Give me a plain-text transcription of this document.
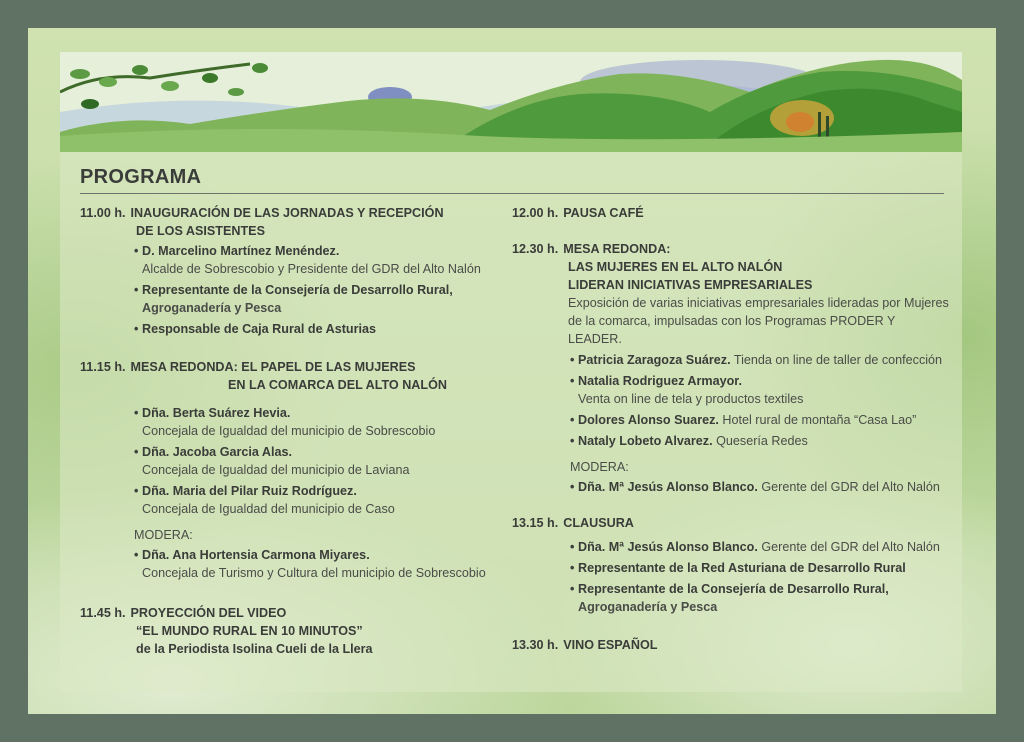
PROGRAMA
11.00 h. INAUGURACIÓN DE LAS JORNADAS Y RECEPCIÓN
DE LOS ASISTENTES
• D. Marcelino Martínez Menéndez.
Alcalde de Sobrescobio y Presidente del GDR del Alto Nalón
• Representante de la Consejería de Desarrollo Rural,
Agroganadería y Pesca
• Responsable de Caja Rural de Asturias
11.15 h. MESA REDONDA: EL PAPEL DE LAS MUJERES
EN LA COMARCA DEL ALTO NALÓN
• Dña. Berta Suárez Hevia.
Concejala de Igualdad del municipio de Sobrescobio
• Dña. Jacoba Garcia Alas.
Concejala de Igualdad del municipio de Laviana
• Dña. Maria del Pilar Ruiz Rodríguez.
Concejala de Igualdad del municipio de Caso
MODERA:
• Dña. Ana Hortensia Carmona Miyares.
Concejala de Turismo y Cultura del municipio de Sobrescobio
11.45 h. PROYECCIÓN DEL VIDEO
“EL MUNDO RURAL EN 10 MINUTOS”
de la Periodista Isolina Cueli de la Llera
12.00 h. PAUSA CAFÉ
12.30 h. MESA REDONDA:
LAS MUJERES EN EL ALTO NALÓN
LIDERAN INICIATIVAS EMPRESARIALES
Exposición de varias iniciativas empresariales lideradas por Mujeres de la comarca, impulsadas con los Programas PRODER Y LEADER.
• Patricia Zaragoza Suárez. Tienda on line de taller de confección
• Natalia Rodriguez Armayor.
Venta on line de tela y productos textiles
• Dolores Alonso Suarez. Hotel rural de montaña “Casa Lao”
• Nataly Lobeto Alvarez. Quesería Redes
MODERA:
• Dña. Mª Jesús Alonso Blanco. Gerente del GDR del Alto Nalón
13.15 h. CLAUSURA
• Dña. Mª Jesús Alonso Blanco. Gerente del GDR del Alto Nalón
• Representante de la Red Asturiana de Desarrollo Rural
• Representante de la Consejería de Desarrollo Rural,
Agroganadería y Pesca
13.30 h. VINO ESPAÑOL
